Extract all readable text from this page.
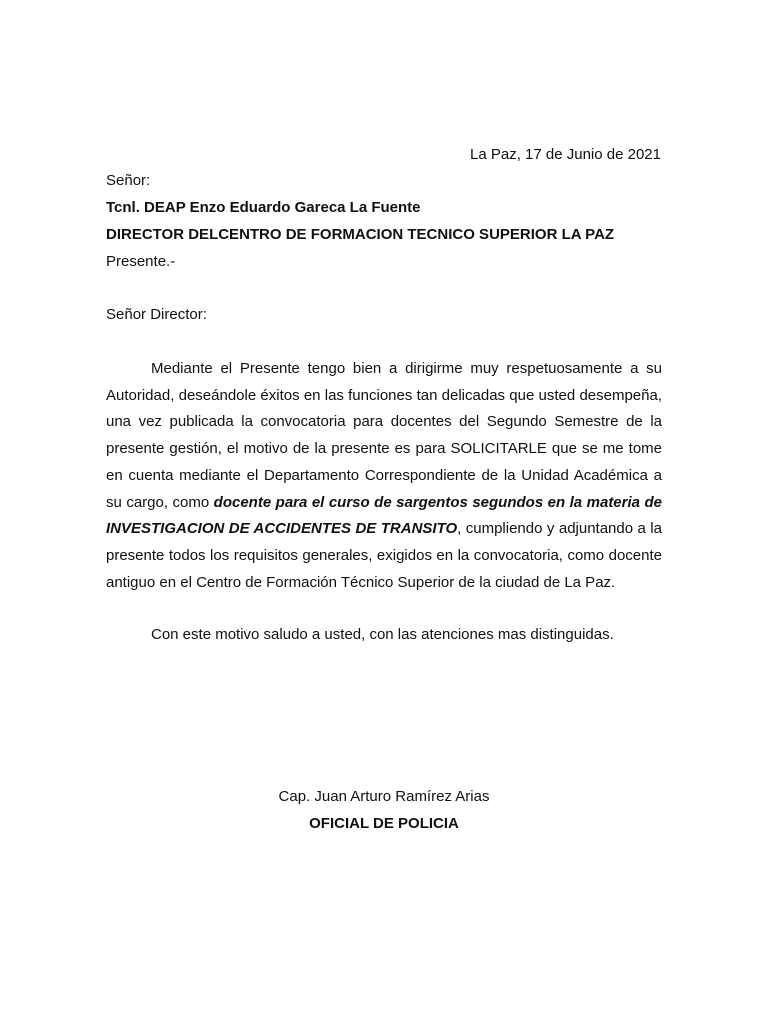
La Paz, 17 de Junio de 2021
Señor:
Tcnl. DEAP Enzo Eduardo Gareca La Fuente
DIRECTOR DELCENTRO DE FORMACION TECNICO SUPERIOR LA PAZ
Presente.-
Señor Director:
Mediante el Presente tengo bien a dirigirme muy respetuosamente a su Autoridad, deseándole éxitos en las funciones tan delicadas que usted desempeña, una vez publicada la convocatoria para docentes del Segundo Semestre de la presente gestión, el motivo de la presente es para SOLICITARLE que se me tome en cuenta mediante el Departamento Correspondiente de la Unidad Académica a su cargo, como docente para el curso de sargentos segundos en la materia de INVESTIGACION DE ACCIDENTES DE TRANSITO, cumpliendo y adjuntando a la presente todos los requisitos generales, exigidos en la convocatoria, como docente antiguo en el Centro de Formación Técnico Superior de la ciudad de La Paz.
Con este motivo saludo a usted, con las atenciones mas distinguidas.
Cap. Juan Arturo Ramírez Arias
OFICIAL DE POLICIA
